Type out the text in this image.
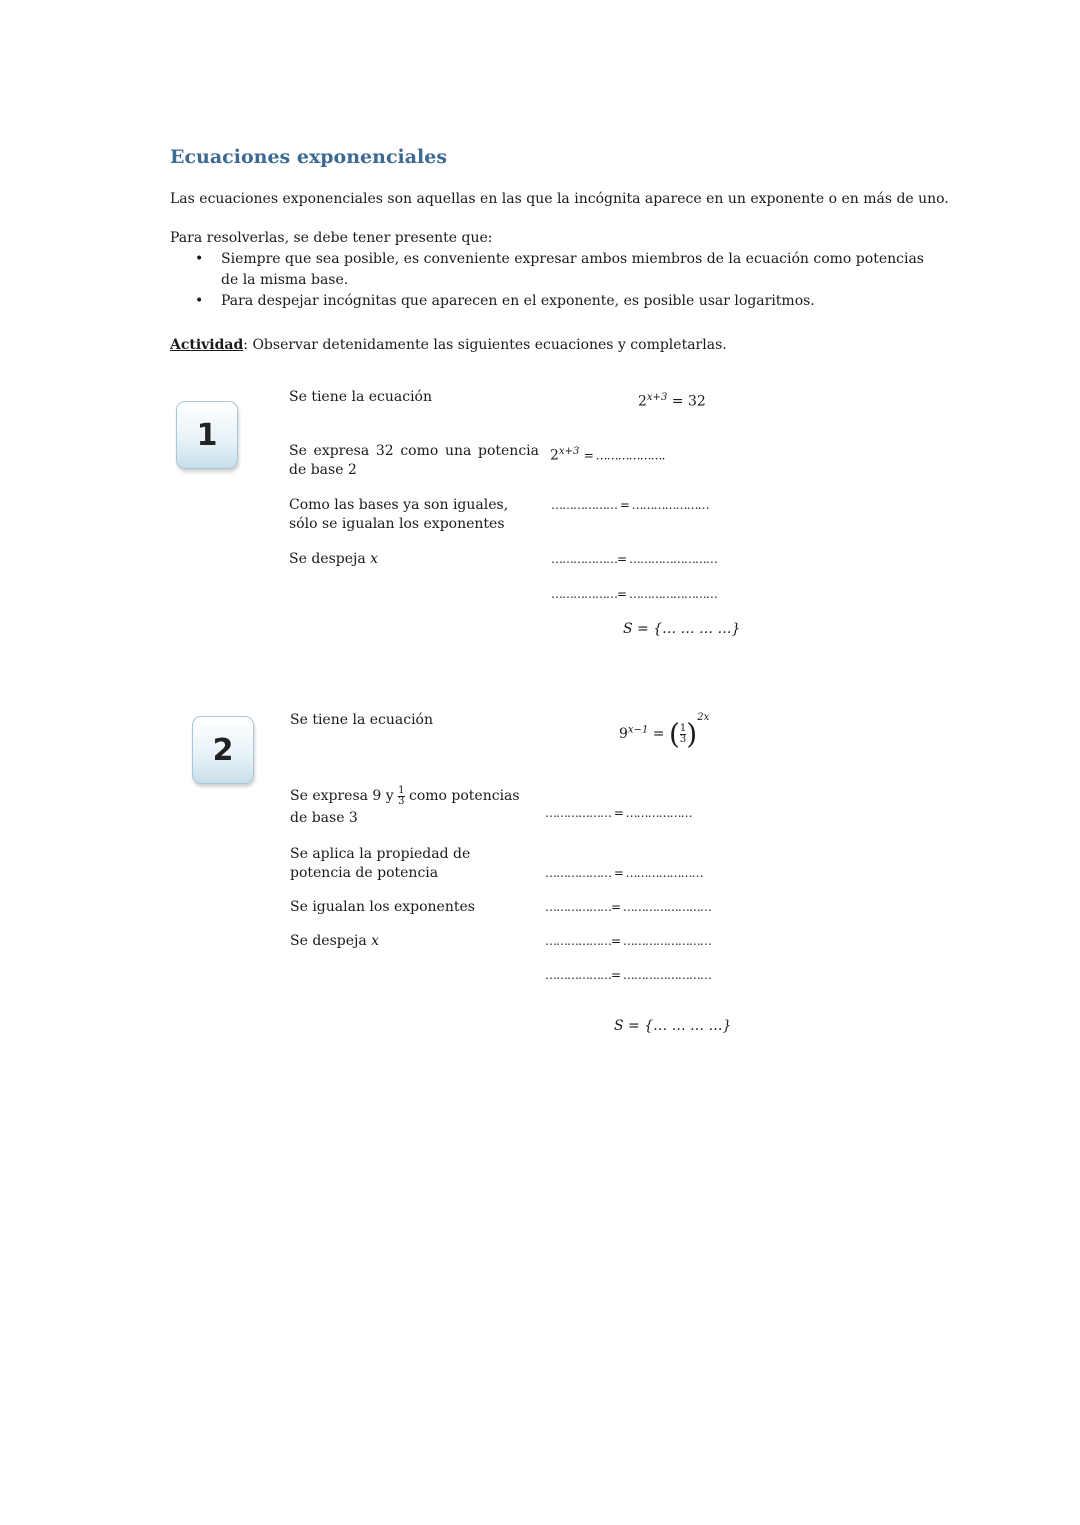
Ecuaciones exponenciales
Las ecuaciones exponenciales son aquellas en las que la incógnita aparece en un exponente o en más de uno.
Para resolverlas, se debe tener presente que:
• Siempre que sea posible, es conveniente expresar ambos miembros de la ecuación como potencias de la misma base.
• Para despejar incógnitas que aparecen en el exponente, es posible usar logaritmos.
Actividad: Observar detenidamente las siguientes ecuaciones y completarlas.
1
Se tiene la ecuación
Se expresa 32 como una potencia de base 2
Como las bases ya son iguales, sólo se igualan los exponentes
Se despeja x
$2^{x+3} = 32$
$2^{x+3}$ = ……………….
……………… = …………………
………………= ……………………
………………= ……………………
S = {… … … …}
2
Se tiene la ecuación
Se expresa 9 y $\frac{1}{3}$ como potencias de base 3
Se aplica la propiedad de potencia de potencia
Se igualan los exponentes
Se despeja x
$9^{x-1}$ = ( $\frac{1}{3} )^{2x}$
……………… = ………………
……………… = …………………
………………= ……………………
………………= ……………………
………………= ……………………
S = {… … … …}
